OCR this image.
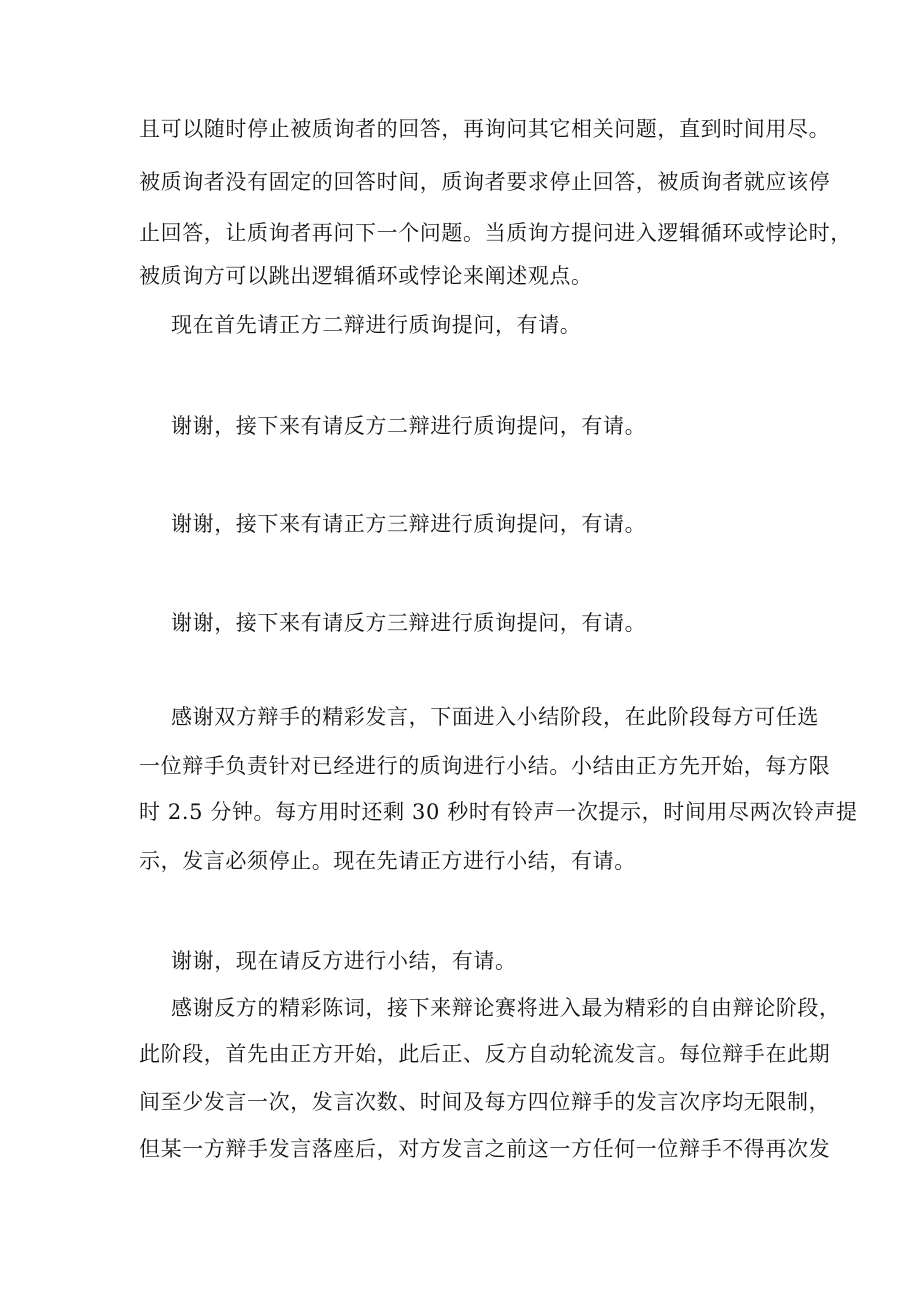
且可以随时停止被质询者的回答，再询问其它相关问题，直到时间用尽。
被质询者没有固定的回答时间，质询者要求停止回答，被质询者就应该停
止回答，让质询者再问下一个问题。当质询方提问进入逻辑循环或悖论时，
被质询方可以跳出逻辑循环或悖论来阐述观点。
现在首先请正方二辩进行质询提问，有请。
谢谢，接下来有请反方二辩进行质询提问，有请。
谢谢，接下来有请正方三辩进行质询提问，有请。
谢谢，接下来有请反方三辩进行质询提问，有请。
感谢双方辩手的精彩发言，下面进入小结阶段，在此阶段每方可任选
一位辩手负责针对已经进行的质询进行小结。小结由正方先开始，每方限
时 2.5 分钟。每方用时还剩 30 秒时有铃声一次提示，时间用尽两次铃声提
示，发言必须停止。现在先请正方进行小结，有请。
谢谢，现在请反方进行小结，有请。
感谢反方的精彩陈词，接下来辩论赛将进入最为精彩的自由辩论阶段，
此阶段，首先由正方开始，此后正、反方自动轮流发言。每位辩手在此期
间至少发言一次，发言次数、时间及每方四位辩手的发言次序均无限制，
但某一方辩手发言落座后，对方发言之前这一方任何一位辩手不得再次发
